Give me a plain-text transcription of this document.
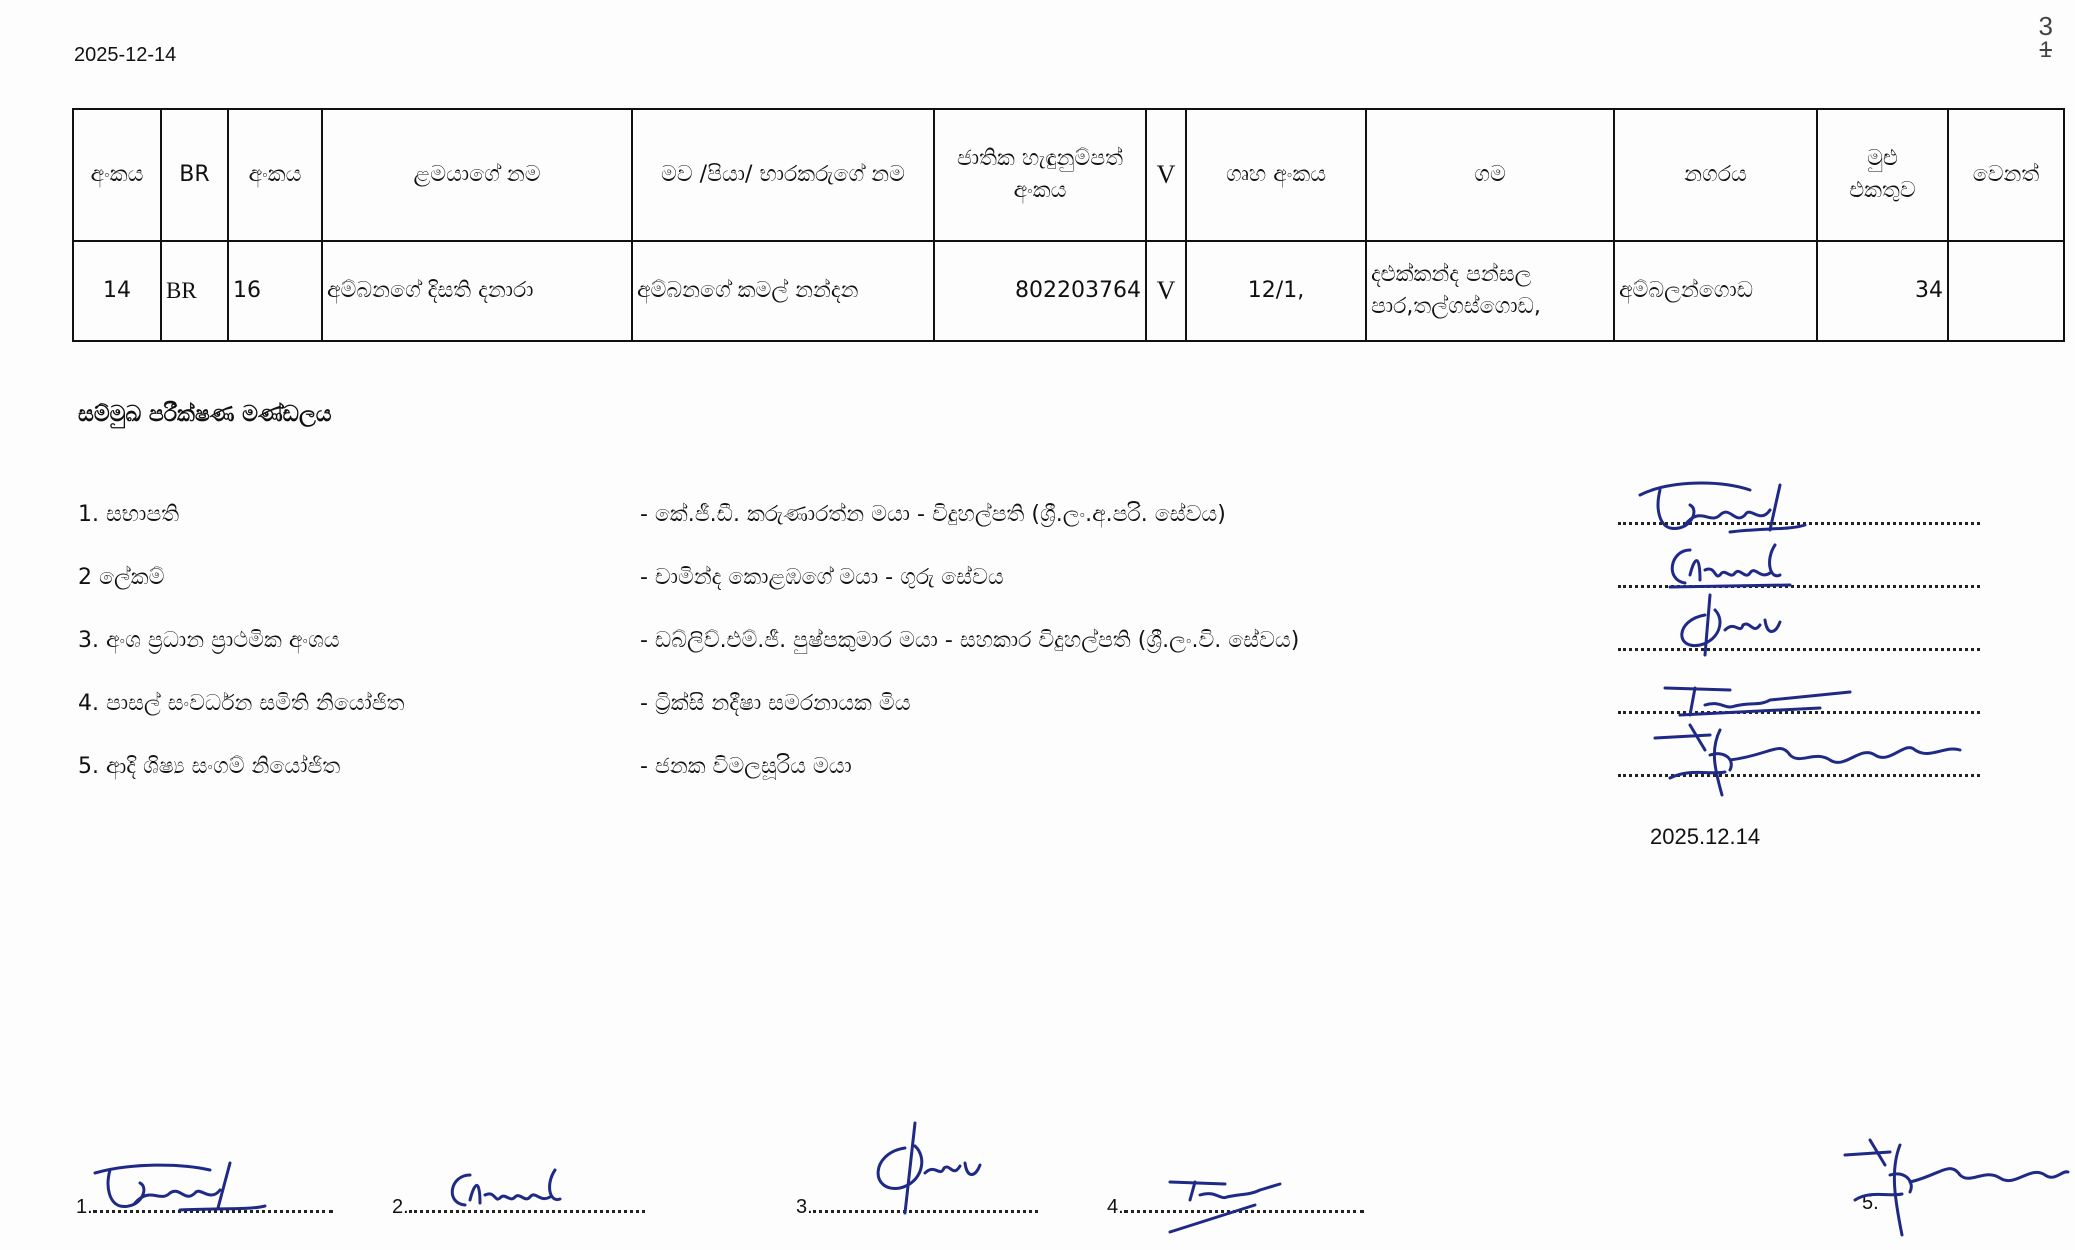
2025-12-14
3
1
අංකය	BR	අංකය	ළමයාගේ නම	මව /පියා/ භාරකරුගේ නම	ජාතික හැඳුනුම්පත් අංකය	V	ගෘහ අංකය	ගම	නගරය	මුළු එකතුව	වෙනත්
14	BR	16	අම්බනගේ දිසති දනාරා	අම්බනගේ කමල් නන්දන	802203764	V	12/1,	දළුක්කන්ද පන්සල පාර,තල්ගස්ගොඩ,	අම්බලන්ගොඩ	34	
සම්මුඛ පරීක්ෂණ මණ්ඩලය
1. සභාපති	- කේ.ජී.ඩී. කරුණාරත්න මයා - විදුහල්පති (ශ්‍රී.ලං.අ.පරි. සේවය)
2 ලේකම්	- චාමින්ද කොළඹගේ මයා - ගුරු සේවය
3. අංශ ප්‍රධාන ප්‍රාථමික අංශය	- ඩබ්ලිව්.එම්.ජී. පුෂ්පකුමාර මයා - සහකාර විදුහල්පති (ශ්‍රී.ලං.වි. සේවය)
4. පාසල් සංවර්ධන සමිති නියෝජිත	- ට්‍රික්සි නදීෂා සමරනායක මිය
5. ආදි ශිෂ්‍ය සංගම් නියෝජිත	- ජනක විමලසූරිය මයා
2025.12.14
1.	2.	3.	4.	5.
